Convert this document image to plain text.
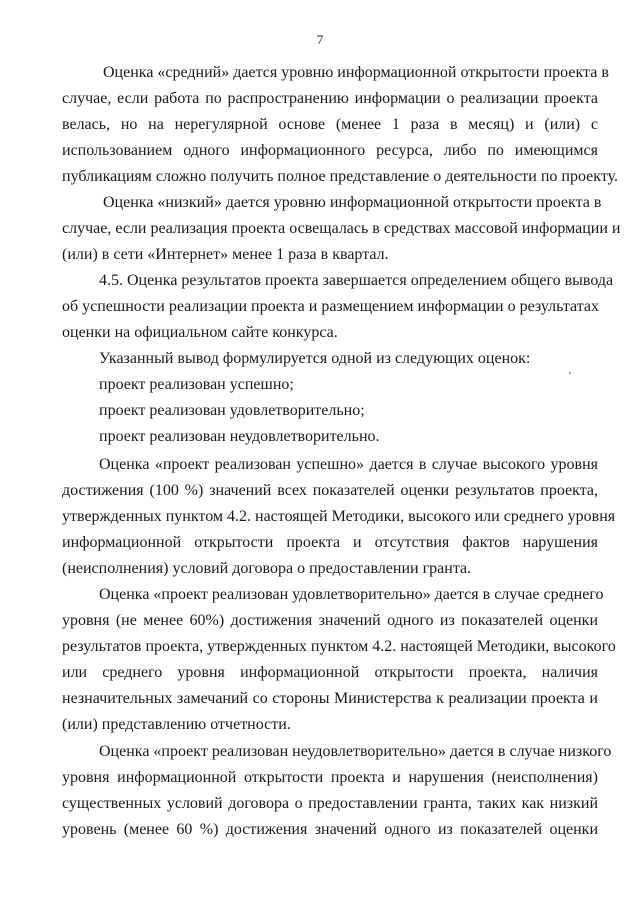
7
Оценка «средний» дается уровню информационной открытости проекта в
случае, если работа по распространению информации о реализации проекта
велась, но на нерегулярной основе (менее 1 раза в месяц) и (или) с
использованием одного информационного ресурса, либо по имеющимся
публикациям сложно получить полное представление о деятельности по проекту.
Оценка «низкий» дается уровню информационной открытости проекта в
случае, если реализация проекта освещалась в средствах массовой информации и
(или) в сети «Интернет» менее 1 раза в квартал.
4.5. Оценка результатов проекта завершается определением общего вывода
об успешности реализации проекта и размещением информации о результатах
оценки на официальном сайте конкурса.
Указанный вывод формулируется одной из следующих оценок:
проект реализован успешно;
проект реализован удовлетворительно;
проект реализован неудовлетворительно.
Оценка «проект реализован успешно» дается в случае высокого уровня
достижения (100 %) значений всех показателей оценки результатов проекта,
утвержденных пунктом 4.2. настоящей Методики, высокого или среднего уровня
информационной открытости проекта и отсутствия фактов нарушения
(неисполнения) условий договора о предоставлении гранта.
Оценка «проект реализован удовлетворительно» дается в случае среднего
уровня (не менее 60%) достижения значений одного из показателей оценки
результатов проекта, утвержденных пунктом 4.2. настоящей Методики, высокого
или среднего уровня информационной открытости проекта, наличия
незначительных замечаний со стороны Министерства к реализации проекта и
(или) представлению отчетности.
Оценка «проект реализован неудовлетворительно» дается в случае низкого
уровня информационной открытости проекта и нарушения (неисполнения)
существенных условий договора о предоставлении гранта, таких как низкий
уровень (менее 60 %) достижения значений одного из показателей оценки
